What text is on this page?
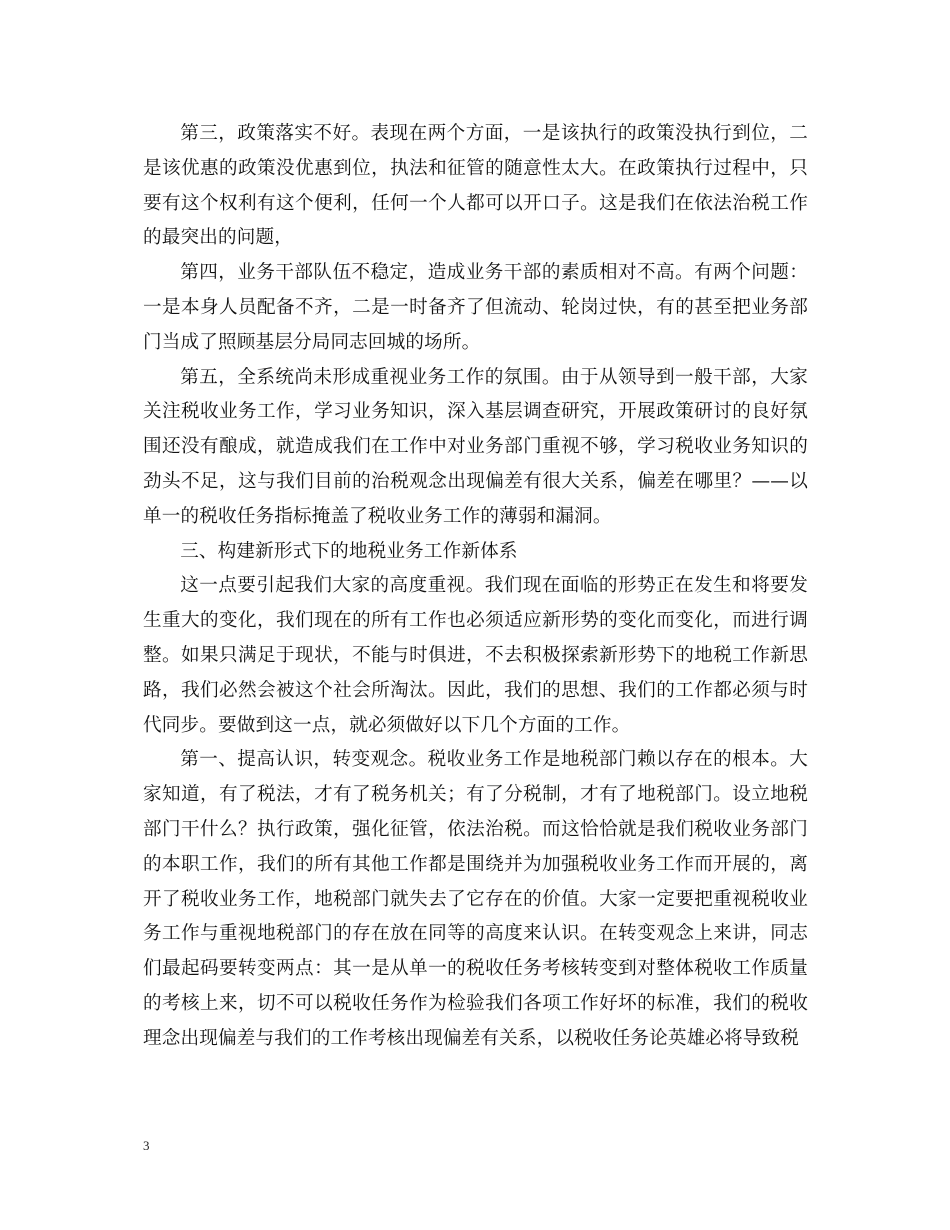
第三，政策落实不好。表现在两个方面，一是该执行的政策没执行到位，二是该优惠的政策没优惠到位，执法和征管的随意性太大。在政策执行过程中，只要有这个权利有这个便利，任何一个人都可以开口子。这是我们在依法治税工作的最突出的问题，

第四，业务干部队伍不稳定，造成业务干部的素质相对不高。有两个问题：一是本身人员配备不齐，二是一时备齐了但流动、轮岗过快，有的甚至把业务部门当成了照顾基层分局同志回城的场所。

第五，全系统尚未形成重视业务工作的氛围。由于从领导到一般干部，大家关注税收业务工作，学习业务知识，深入基层调查研究，开展政策研讨的良好氛围还没有酿成，就造成我们在工作中对业务部门重视不够，学习税收业务知识的劲头不足，这与我们目前的治税观念出现偏差有很大关系，偏差在哪里？——以单一的税收任务指标掩盖了税收业务工作的薄弱和漏洞。

三、构建新形式下的地税业务工作新体系

这一点要引起我们大家的高度重视。我们现在面临的形势正在发生和将要发生重大的变化，我们现在的所有工作也必须适应新形势的变化而变化，而进行调整。如果只满足于现状，不能与时俱进，不去积极探索新形势下的地税工作新思路，我们必然会被这个社会所淘汰。因此，我们的思想、我们的工作都必须与时代同步。要做到这一点，就必须做好以下几个方面的工作。

第一、提高认识，转变观念。税收业务工作是地税部门赖以存在的根本。大家知道，有了税法，才有了税务机关；有了分税制，才有了地税部门。设立地税部门干什么？执行政策，强化征管，依法治税。而这恰恰就是我们税收业务部门的本职工作，我们的所有其他工作都是围绕并为加强税收业务工作而开展的，离开了税收业务工作，地税部门就失去了它存在的价值。大家一定要把重视税收业务工作与重视地税部门的存在放在同等的高度来认识。在转变观念上来讲，同志们最起码要转变两点：其一是从单一的税收任务考核转变到对整体税收工作质量的考核上来，切不可以税收任务作为检验我们各项工作好坏的标准，我们的税收理念出现偏差与我们的工作考核出现偏差有关系，以税收任务论英雄必将导致税

3
